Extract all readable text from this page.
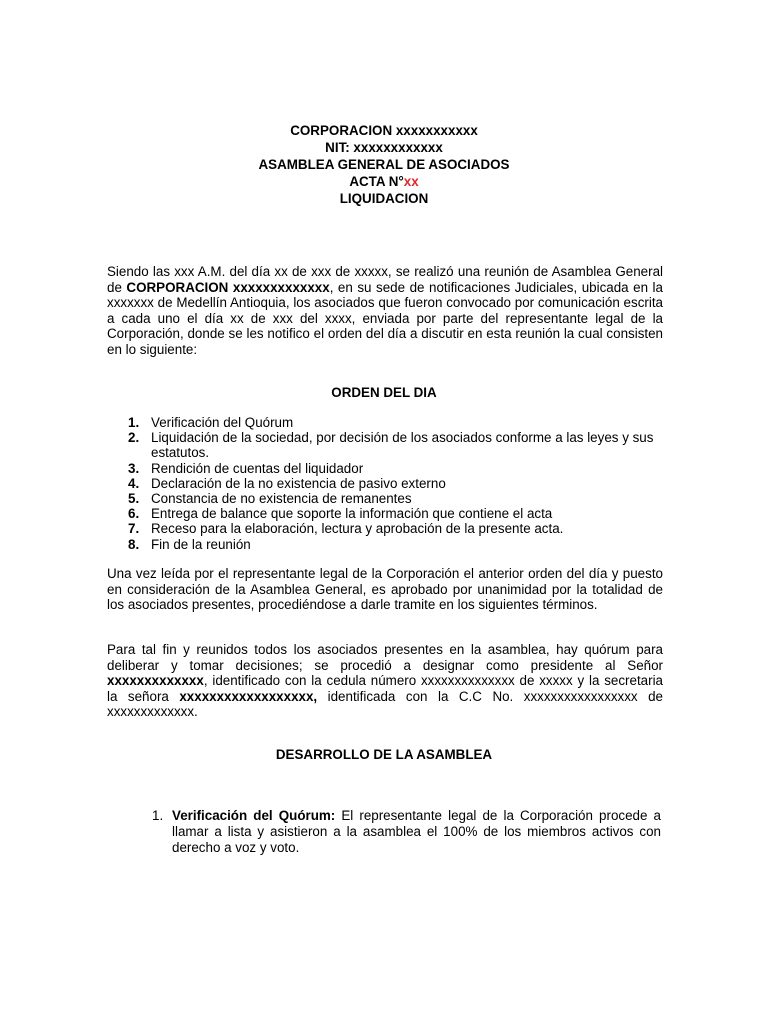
CORPORACION xxxxxxxxxxx
NIT: xxxxxxxxxxxx
ASAMBLEA GENERAL DE ASOCIADOS
ACTA N°xx
LIQUIDACION
Siendo las xxx A.M. del día xx de xxx de xxxxx, se realizó una reunión de Asamblea General de CORPORACION xxxxxxxxxxxxx, en su sede de notificaciones Judiciales, ubicada en la xxxxxxx de Medellín Antioquia, los asociados que fueron convocado por comunicación escrita a cada uno el día xx de xxx del xxxx, enviada por parte del representante legal de la Corporación, donde se les notifico el orden del día a discutir en esta reunión la cual consisten en lo siguiente:
ORDEN DEL DIA
1. Verificación del Quórum
2. Liquidación de la sociedad, por decisión de los asociados conforme a las leyes y sus estatutos.
3. Rendición de cuentas del liquidador
4. Declaración de la no existencia de pasivo externo
5. Constancia de no existencia de remanentes
6. Entrega de balance que soporte la información que contiene el acta
7. Receso para la elaboración, lectura y aprobación de la presente acta.
8. Fin de la reunión
Una vez leída por el representante legal de la Corporación el anterior orden del día y puesto en consideración de la Asamblea General, es aprobado por unanimidad por la totalidad de los asociados presentes, procediéndose a darle tramite en los siguientes términos.
Para tal fin y reunidos todos los asociados presentes en la asamblea, hay quórum para deliberar y tomar decisiones; se procedió a designar como presidente al Señor xxxxxxxxxxxxx, identificado con la cedula número xxxxxxxxxxxxxx de xxxxx y la secretaria la señora xxxxxxxxxxxxxxxxxx, identificada con la C.C No. xxxxxxxxxxxxxxxxx de xxxxxxxxxxxxx.
DESARROLLO DE LA ASAMBLEA
1. Verificación del Quórum: El representante legal de la Corporación procede a llamar a lista y asistieron a la asamblea el 100% de los miembros activos con derecho a voz y voto.
